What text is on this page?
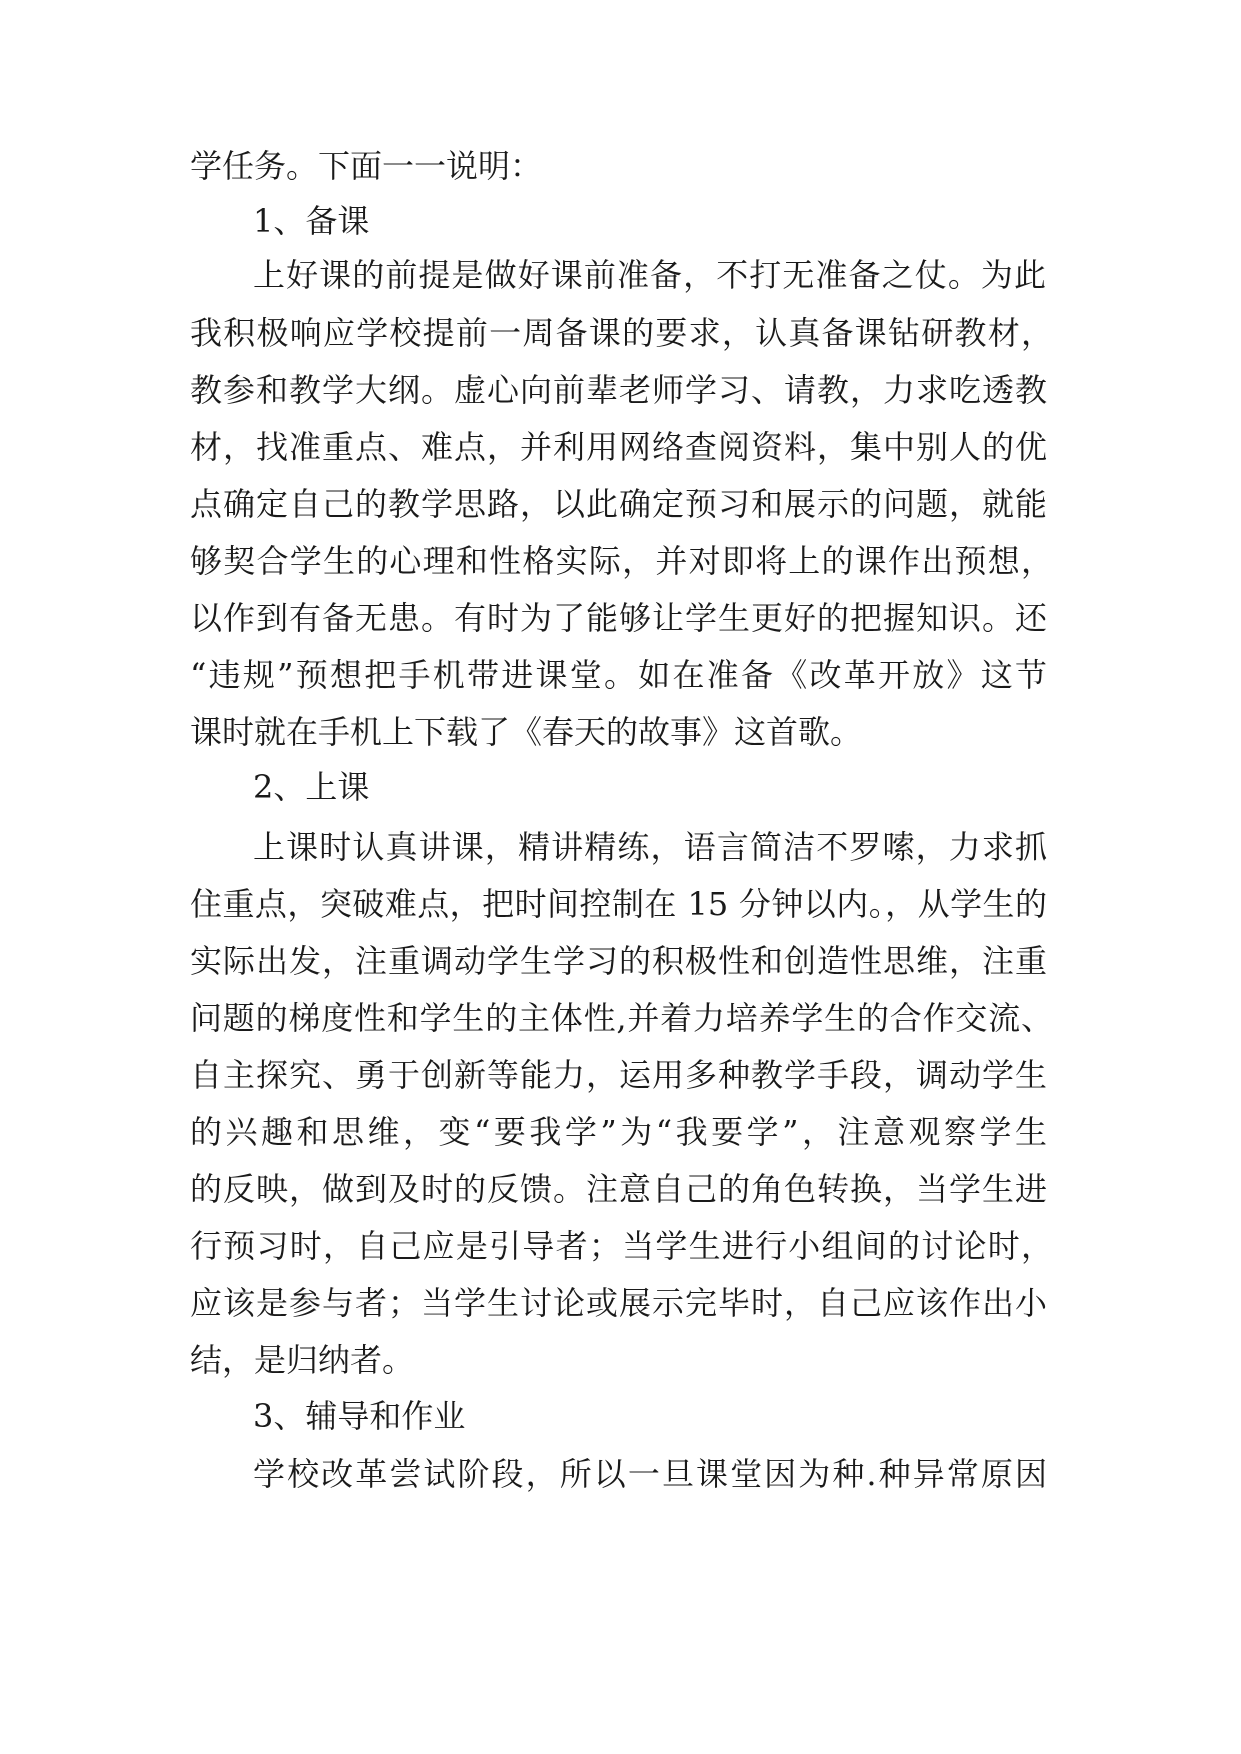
学任务。下面一一说明：

1、备课

上好课的前提是做好课前准备，不打无准备之仗。为此

我积极响应学校提前一周备课的要求，认真备课钻研教材，

教参和教学大纲。虚心向前辈老师学习、请教，力求吃透教

材，找准重点、难点，并利用网络查阅资料，集中别人的优

点确定自己的教学思路，以此确定预习和展示的问题，就能

够契合学生的心理和性格实际，并对即将上的课作出预想，

以作到有备无患。有时为了能够让学生更好的把握知识。还

“违规”预想把手机带进课堂。如在准备《改革开放》这节

课时就在手机上下载了《春天的故事》这首歌。

2、上课

上课时认真讲课，精讲精练，语言简洁不罗嗦，力求抓

住重点，突破难点，把时间控制在 15 分钟以内。，从学生的

实际出发，注重调动学生学习的积极性和创造性思维，注重

问题的梯度性和学生的主体性,并着力培养学生的合作交流、

自主探究、勇于创新等能力，运用多种教学手段，调动学生

的兴趣和思维，变“要我学”为“我要学”，注意观察学生

的反映，做到及时的反馈。注意自己的角色转换，当学生进

行预习时，自己应是引导者；当学生进行小组间的讨论时，

应该是参与者；当学生讨论或展示完毕时，自己应该作出小

结，是归纳者。

3、辅导和作业

学校改革尝试阶段，所以一旦课堂因为种.种异常原因
